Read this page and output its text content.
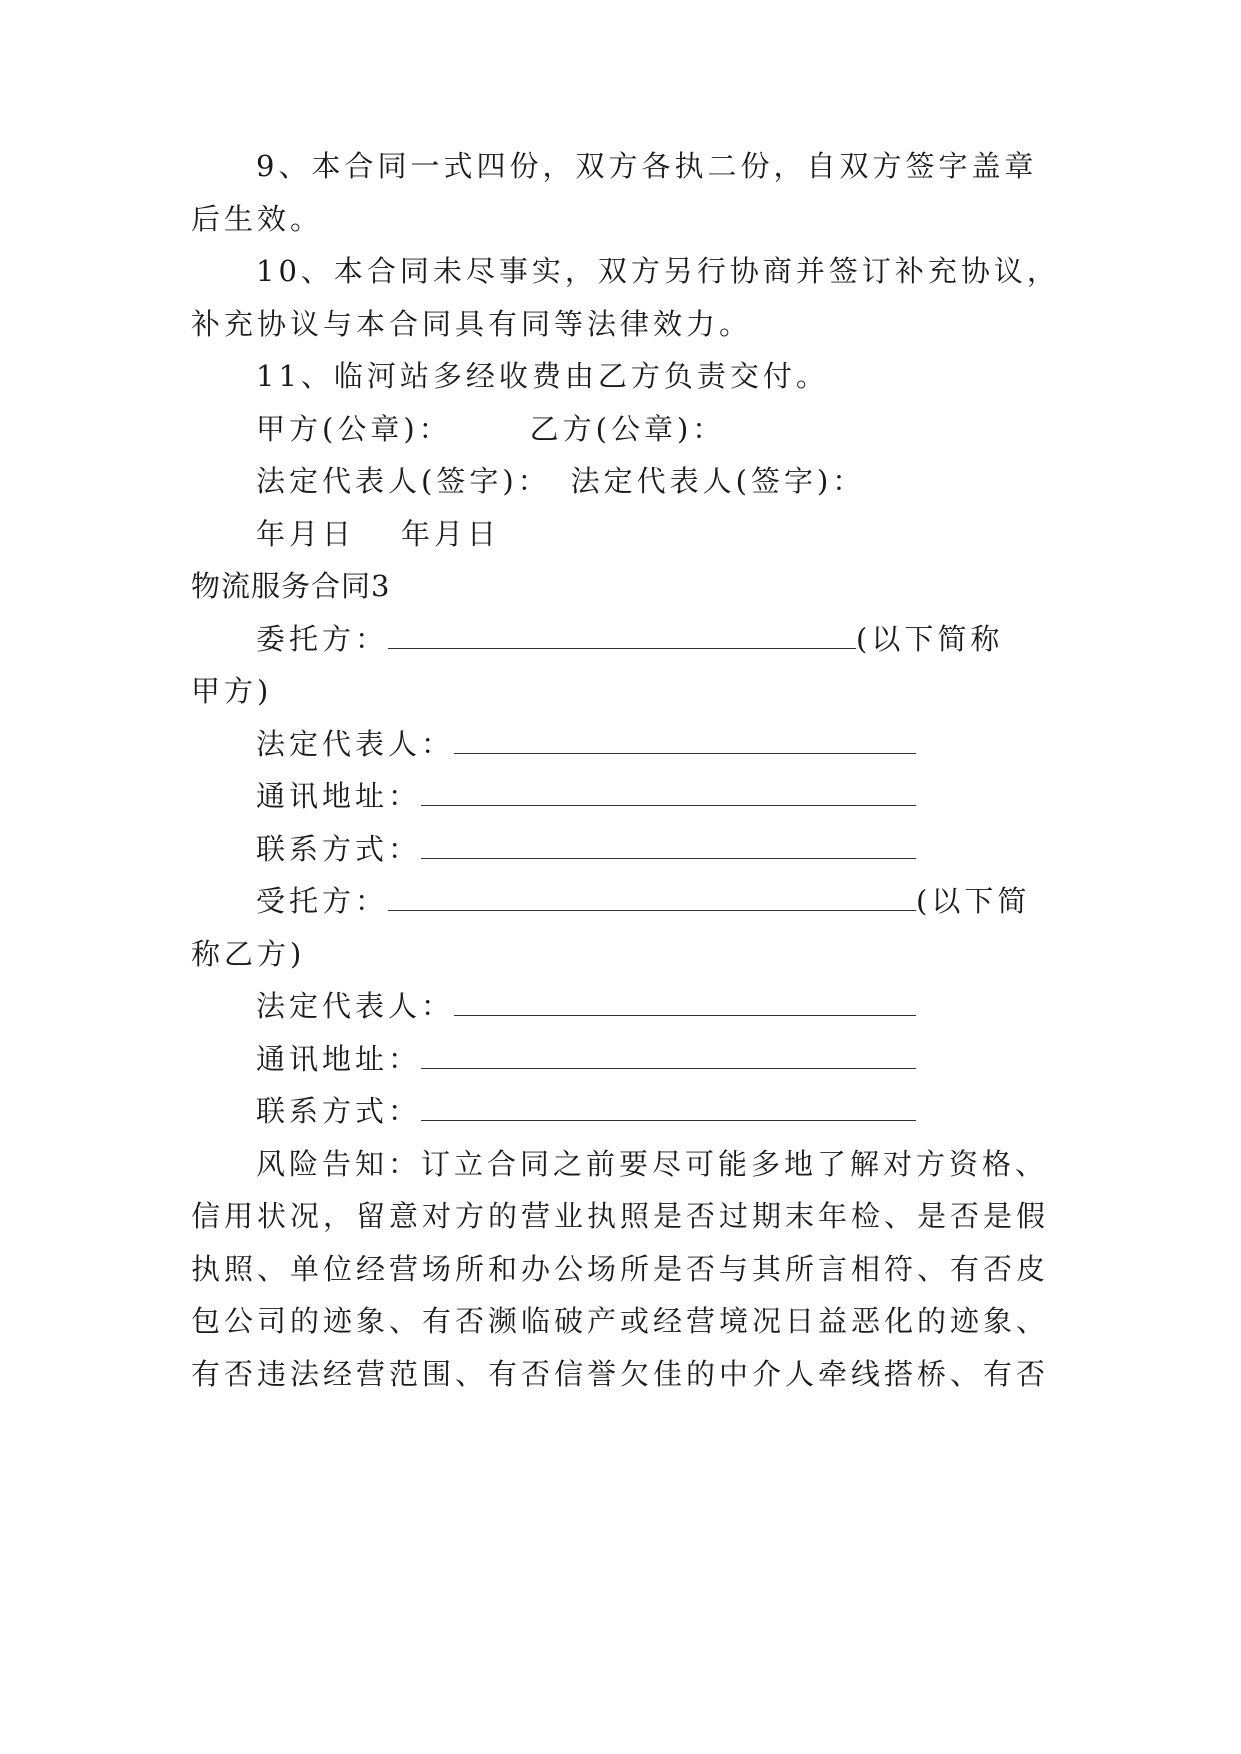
9、本合同一式四份，双方各执二份，自双方签字盖章
后生效。
10、本合同未尽事实，双方另行协商并签订补充协议，
补充协议与本合同具有同等法律效力。
11、临河站多经收费由乙方负责交付。
甲方(公章)：	乙方(公章)：
法定代表人(签字)： 法定代表人(签字)：
年月日 年月日
物流服务合同3
委托方：	(以下简称
甲方)
法定代表人：
通讯地址：
联系方式：
受托方：	(以下简
称乙方)
法定代表人：
通讯地址：
联系方式：
风险告知：订立合同之前要尽可能多地了解对方资格、
信用状况，留意对方的营业执照是否过期末年检、是否是假
执照、单位经营场所和办公场所是否与其所言相符、有否皮
包公司的迹象、有否濒临破产或经营境况日益恶化的迹象、
有否违法经营范围、有否信誉欠佳的中介人牵线搭桥、有否
